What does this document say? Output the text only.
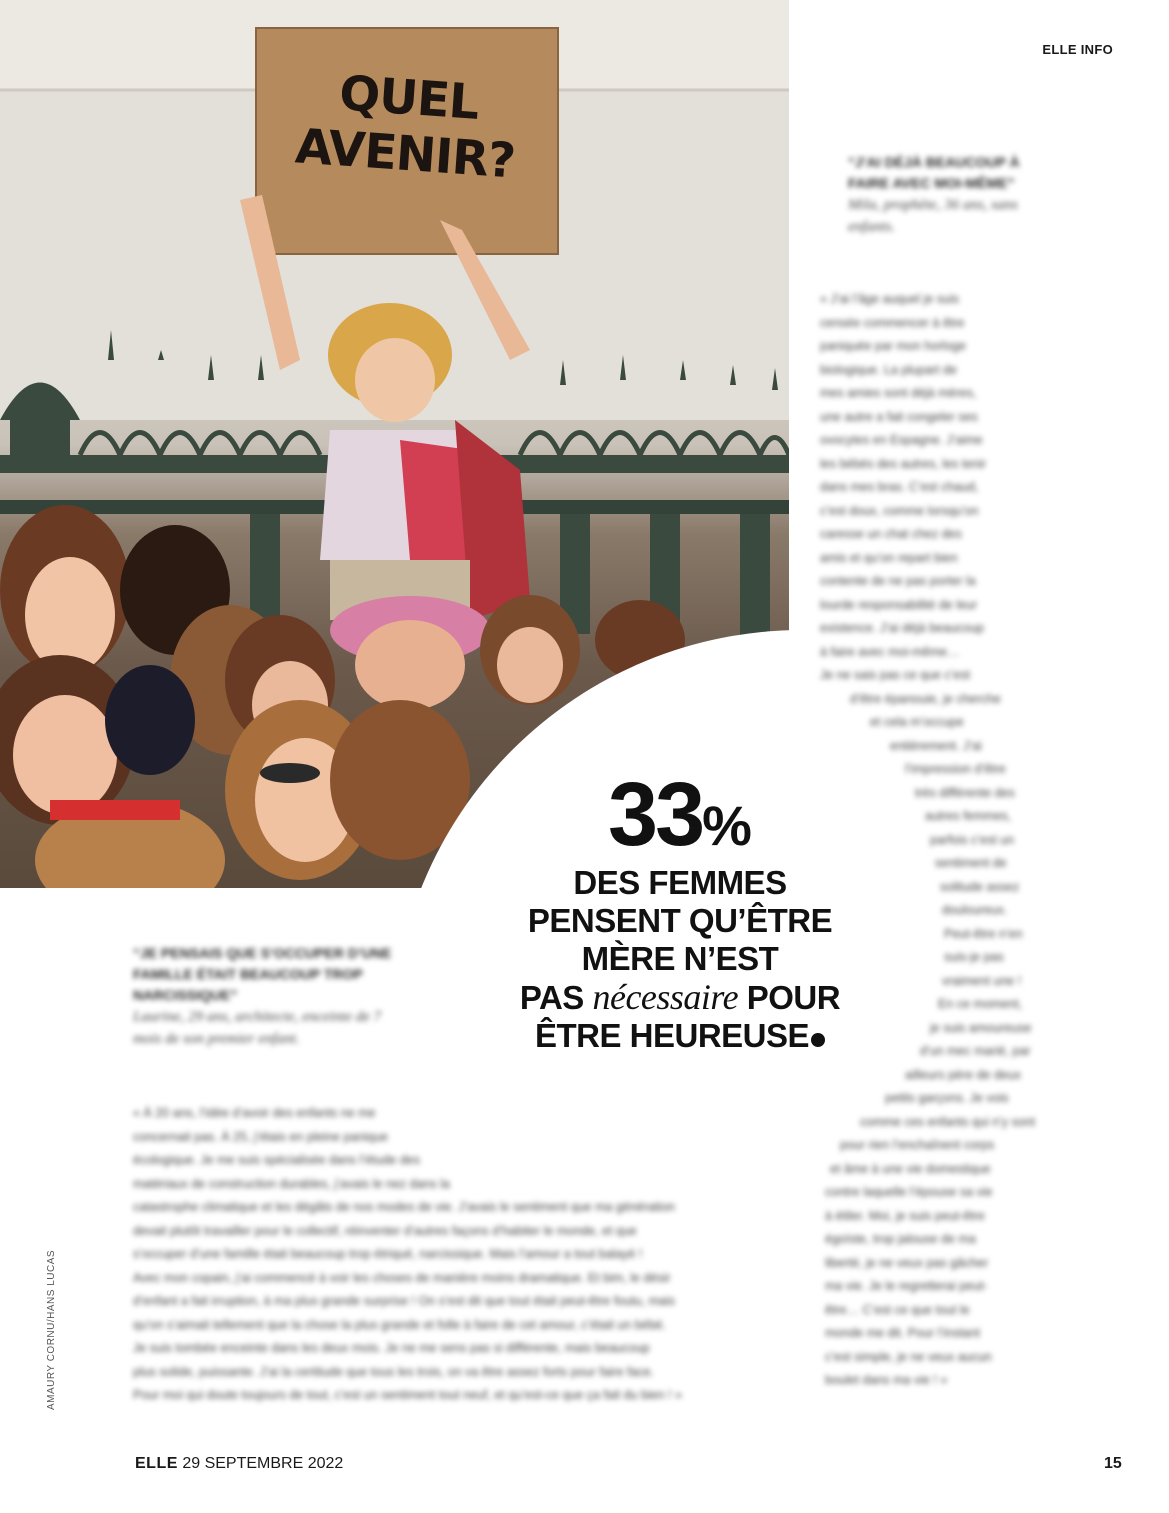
QUEL AVENIR?
ELLE INFO
33%
DES FEMMES
PENSENT QU’ÊTRE
MÈRE N’EST
PAS nécessaire POUR
ÊTRE HEUREUSE
“J’AI DÉJÀ BEAUCOUP À FAIRE AVEC MOI-MÊME”
Mila, prophète, 36 ans, sans enfants.
« J’ai l’âge auquel je suis
censée commencer à être
paniquée par mon horloge
biologique. La plupart de
mes amies sont déjà mères,
une autre a fait congeler ses
ovocytes en Espagne. J’aime
les bébés des autres, les tenir
dans mes bras. C’est chaud,
c’est doux, comme lorsqu’on
caresse un chat chez des
amis et qu’on repart bien
contente de ne pas porter la
lourde responsabilité de leur
existence. J’ai déjà beaucoup
à faire avec moi-même…
Je ne sais pas ce que c’est
d’être épanouie, je cherche
et cela m’occupe
entièrement. J’ai
l’impression d’être
très différente des
autres femmes,
parfois c’est un
sentiment de
solitude assez
douloureux.
Peut-être n’en
suis-je pas
vraiment une !
En ce moment,
je suis amoureuse
d’un mec marié, par
ailleurs père de deux
petits garçons. Je vois
comme ces enfants qui n’y sont
pour rien l’enchaînent corps
et âme à une vie domestique
contre laquelle l’épouse sa vie
à étiler. Moi, je suis peut-être
égoïste, trop jalouse de ma
liberté, je ne veux pas gâcher
ma vie. Je le regretterai peut-
être… C’est ce que tout le
monde me dit. Pour l’instant
c’est simple, je ne veux aucun
boulet dans ma vie ! »
“JE PENSAIS QUE S’OCCUPER D’UNE FAMILLE ÉTAIT BEAUCOUP TROP NARCISSIQUE”
Laurine, 29 ans, architecte, enceinte de 7 mois de son premier enfant.
« À 20 ans, l’idée d’avoir des enfants ne me
concernait pas. À 25, j’étais en pleine panique
écologique. Je me suis spécialisée dans l’étude des
matériaux de construction durables, j’avais le nez dans la
catastrophe climatique et les dégâts de nos modes de vie. J’avais le sentiment que ma génération
devait plutôt travailler pour le collectif, réinventer d’autres façons d’habiter le monde, et que
s’occuper d’une famille était beaucoup trop étriqué, narcissique. Mais l’amour a tout balayé !
Avec mon copain, j’ai commencé à voir les choses de manière moins dramatique. Et bim, le désir
d’enfant a fait irruption, à ma plus grande surprise ! On s’est dit que tout était peut-être foutu, mais
qu’on s’aimait tellement que la chose la plus grande et folle à faire de cet amour, c’était un bébé.
Je suis tombée enceinte dans les deux mois. Je ne me sens pas si différente, mais beaucoup
plus solide, puissante. J’ai la certitude que tous les trois, on va être assez forts pour faire face.
Pour moi qui doute toujours de tout, c’est un sentiment tout neuf, et qu’est-ce que ça fait du bien ! »
AMAURY CORNU/HANS LUCAS
ELLE 29 SEPTEMBRE 2022	15
